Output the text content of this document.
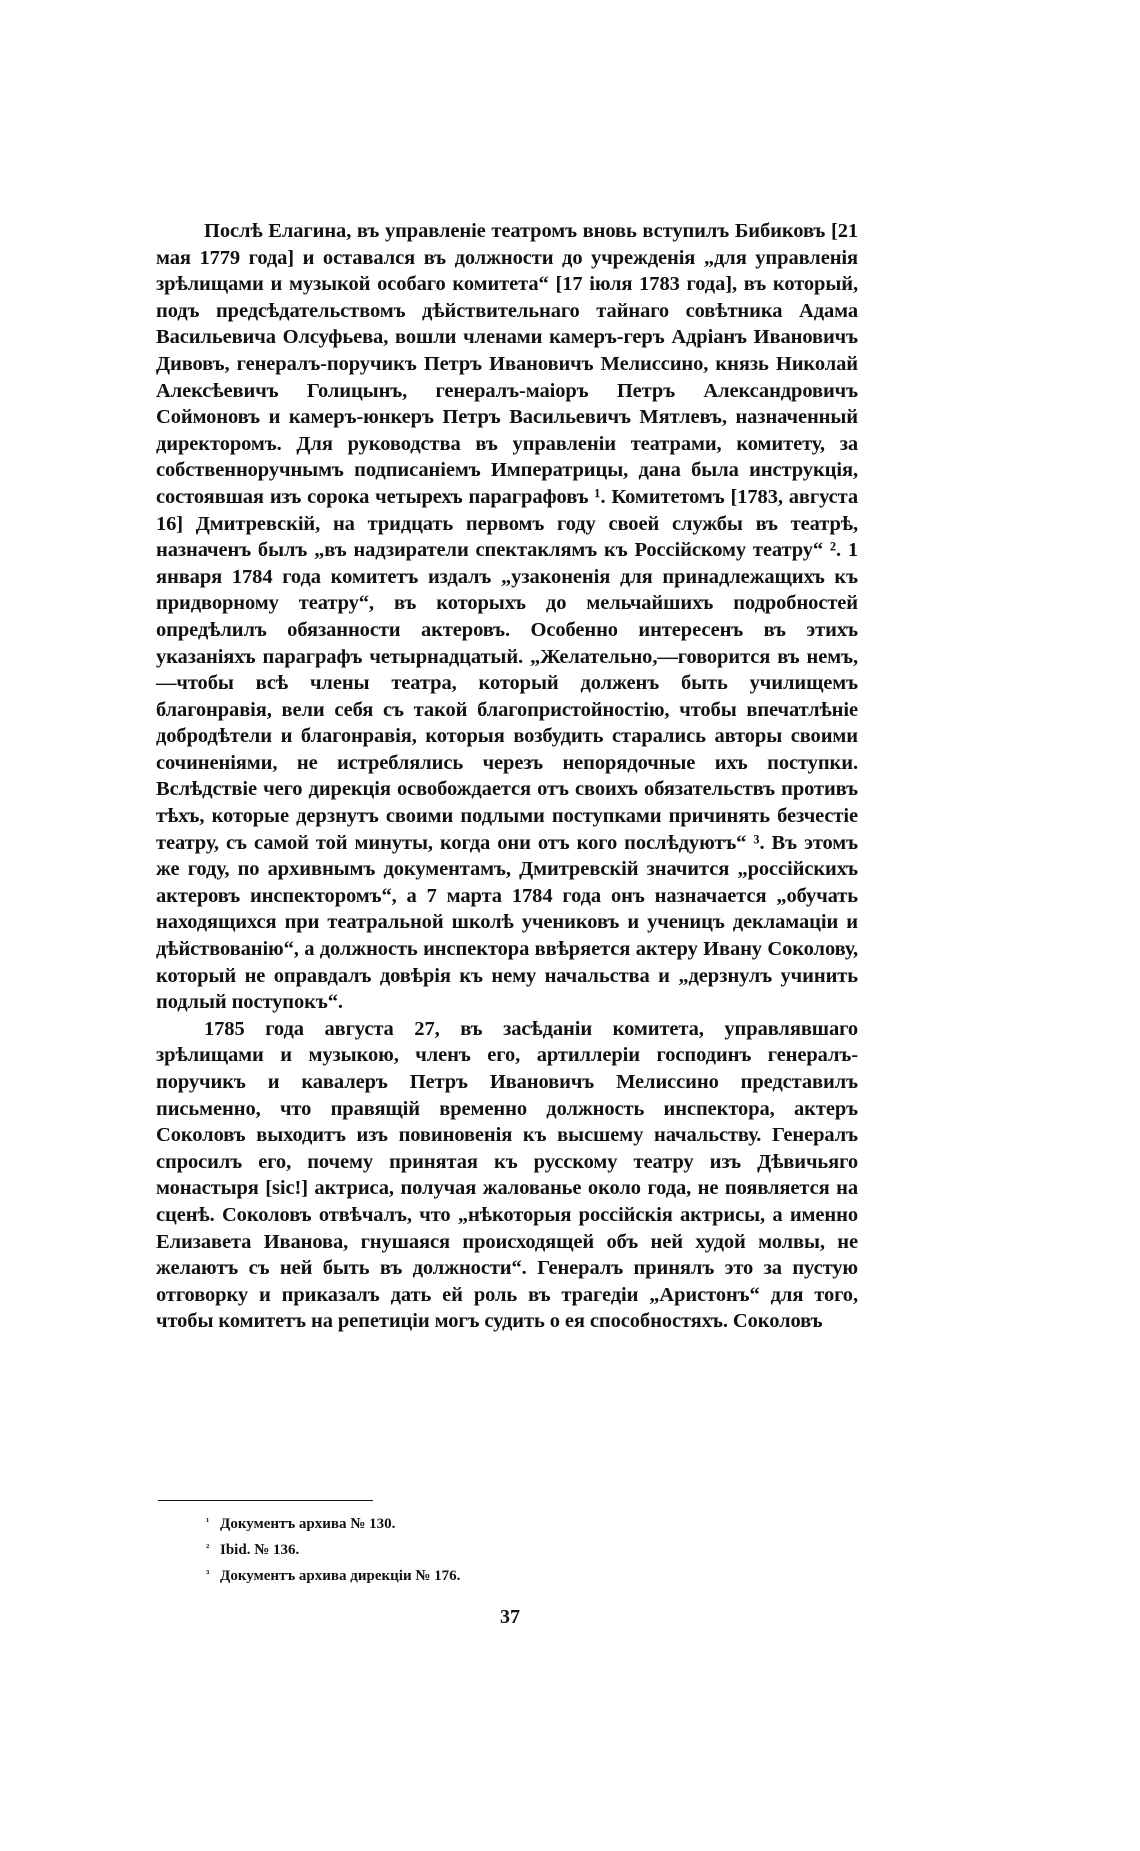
Послѣ Елагина, въ управленіе театромъ вновь вступилъ Бибиковъ [21 мая 1779 года] и оставался въ должности до учрежденія „для управленія зрѣлищами и музыкой особаго комитета“ [17 іюля 1783 года], въ который, подъ предсѣдательствомъ дѣйствительнаго тайнаго совѣтника Адама Васильевича Олсуфьева, вошли членами камеръ-геръ Адріанъ Ивановичъ Дивовъ, генералъ-поручикъ Петръ Ивановичъ Мелиссино, князь Николай Алексѣевичъ Голицынъ, генералъ-маіоръ Петръ Александровичъ Соймоновъ и камеръ-юнкеръ Петръ Васильевичъ Мятлевъ, назначенный директоромъ. Для руководства въ управленіи театрами, комитету, за собственноручнымъ подписаніемъ Императрицы, дана была инструкція, состоявшая изъ сорока четырехъ параграфовъ ¹. Комитетомъ [1783, августа 16] Дмитревскій, на тридцать первомъ году своей службы въ театрѣ, назначенъ былъ „въ надзиратели спектаклямъ къ Россійскому театру“ ². 1 января 1784 года комитетъ издалъ „узаконенія для принадлежащихъ къ придворному театру“, въ которыхъ до мельчайшихъ подробностей опредѣлилъ обязанности актеровъ. Особенно интересенъ въ этихъ указаніяхъ параграфъ четырнадцатый. „Желательно,—говорится въ немъ,—чтобы всѣ члены театра, который долженъ быть училищемъ благонравія, вели себя съ такой благопристойностію, чтобы впечатлѣніе добродѣтели и благонравія, которыя возбудить старались авторы своими сочиненіями, не истреблялись черезъ непорядочные ихъ поступки. Вслѣдствіе чего дирекція освобождается отъ своихъ обязательствъ противъ тѣхъ, которые дерзнутъ своими подлыми поступками причинять безчестіе театру, съ самой той минуты, когда они отъ кого послѣдуютъ“ ³. Въ этомъ же году, по архивнымъ документамъ, Дмитревскій значится „россійскихъ актеровъ инспекторомъ“, а 7 марта 1784 года онъ назначается „обучать находящихся при театральной школѣ учениковъ и ученицъ декламаціи и дѣйствованію“, а должность инспектора ввѣряется актеру Ивану Соколову, который не оправдалъ довѣрія къ нему начальства и „дерзнулъ учинить подлый поступокъ“.

1785 года августа 27, въ засѣданіи комитета, управлявшаго зрѣлищами и музыкою, членъ его, артиллеріи господинъ генералъ-поручикъ и кавалеръ Петръ Ивановичъ Мелиссино представилъ письменно, что правящій временно должность инспектора, актеръ Соколовъ выходитъ изъ повиновенія къ высшему начальству. Генералъ спросилъ его, почему принятая къ русскому театру изъ Дѣвичьяго монастыря [sic!] актриса, получая жалованье около года, не появляется на сценѣ. Соколовъ отвѣчалъ, что „нѣкоторыя россійскія актрисы, а именно Елизавета Иванова, гнушаяся происходящей объ ней худой молвы, не желаютъ съ ней быть въ должности“. Генералъ принялъ это за пустую отговорку и приказалъ дать ей роль въ трагедіи „Аристонъ“ для того, чтобы комитетъ на репетиціи могъ судить о ея способностяхъ. Соколовъ

¹ Документъ архива № 130.
² Ibid. № 136.
³ Документъ архива дирекціи № 176.
37
